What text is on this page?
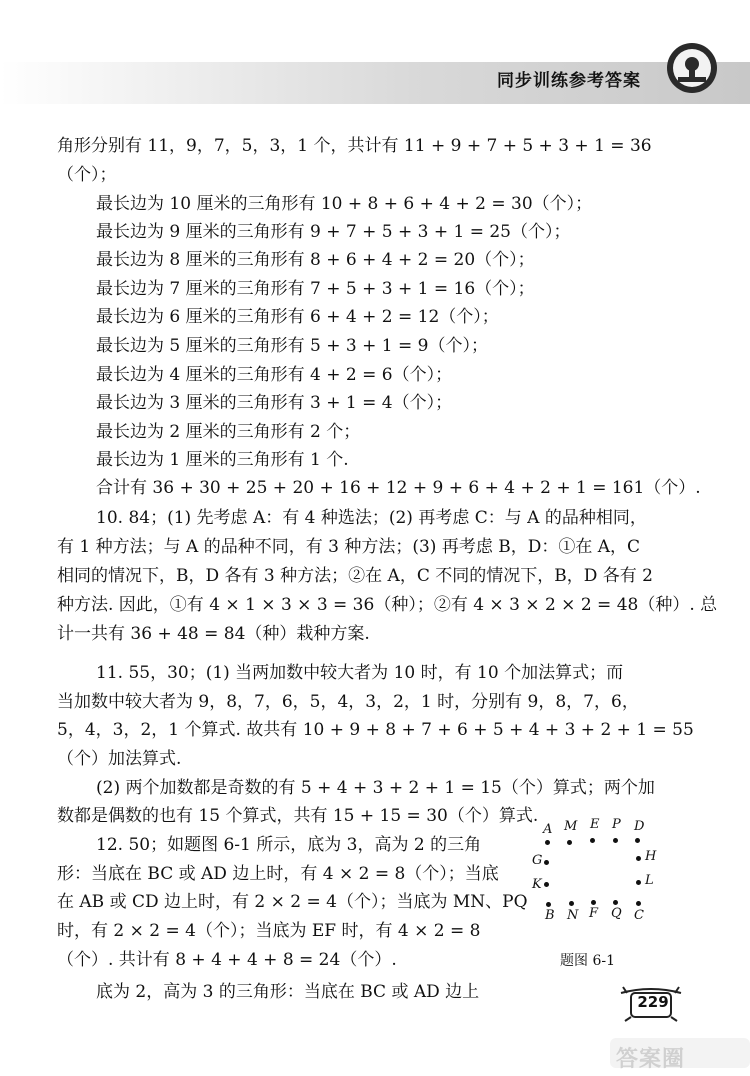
同步训练参考答案
角形分别有 11，9，7，5，3，1 个，共计有 11 + 9 + 7 + 5 + 3 + 1 = 36
（个）；
最长边为 10 厘米的三角形有 10 + 8 + 6 + 4 + 2 = 30（个）；
最长边为 9 厘米的三角形有 9 + 7 + 5 + 3 + 1 = 25（个）；
最长边为 8 厘米的三角形有 8 + 6 + 4 + 2 = 20（个）；
最长边为 7 厘米的三角形有 7 + 5 + 3 + 1 = 16（个）；
最长边为 6 厘米的三角形有 6 + 4 + 2 = 12（个）；
最长边为 5 厘米的三角形有 5 + 3 + 1 = 9（个）；
最长边为 4 厘米的三角形有 4 + 2 = 6（个）；
最长边为 3 厘米的三角形有 3 + 1 = 4（个）；
最长边为 2 厘米的三角形有 2 个；
最长边为 1 厘米的三角形有 1 个.
合计有 36 + 30 + 25 + 20 + 16 + 12 + 9 + 6 + 4 + 2 + 1 = 161（个）.
10. 84；(1) 先考虑 A：有 4 种选法；(2) 再考虑 C：与 A 的品种相同，
有 1 种方法；与 A 的品种不同，有 3 种方法；(3) 再考虑 B，D：①在 A，C
相同的情况下，B，D 各有 3 种方法；②在 A，C 不同的情况下，B，D 各有 2
种方法. 因此，①有 4 × 1 × 3 × 3 = 36（种）；②有 4 × 3 × 2 × 2 = 48（种）. 总
计一共有 36 + 48 = 84（种）栽种方案.
11. 55，30；(1) 当两加数中较大者为 10 时，有 10 个加法算式；而
当加数中较大者为 9，8，7，6，5，4，3，2，1 时，分别有 9，8，7，6，
5，4，3，2，1 个算式. 故共有 10 + 9 + 8 + 7 + 6 + 5 + 4 + 3 + 2 + 1 = 55
（个）加法算式.
(2) 两个加数都是奇数的有 5 + 4 + 3 + 2 + 1 = 15（个）算式；两个加
数都是偶数的也有 15 个算式，共有 15 + 15 = 30（个）算式.
12. 50；如题图 6-1 所示，底为 3，高为 2 的三角
形：当底在 BC 或 AD 边上时，有 4 × 2 = 8（个）；当底
在 AB 或 CD 边上时，有 2 × 2 = 4（个）；当底为 MN、PQ
时，有 2 × 2 = 4（个）；当底为 EF 时，有 4 × 2 = 8
（个）. 共计有 8 + 4 + 4 + 8 = 24（个）.
底为 2，高为 3 的三角形：当底在 BC 或 AD 边上
A M E P D
G	H
K	L
B N F Q C
题图 6-1
229
答案圈
